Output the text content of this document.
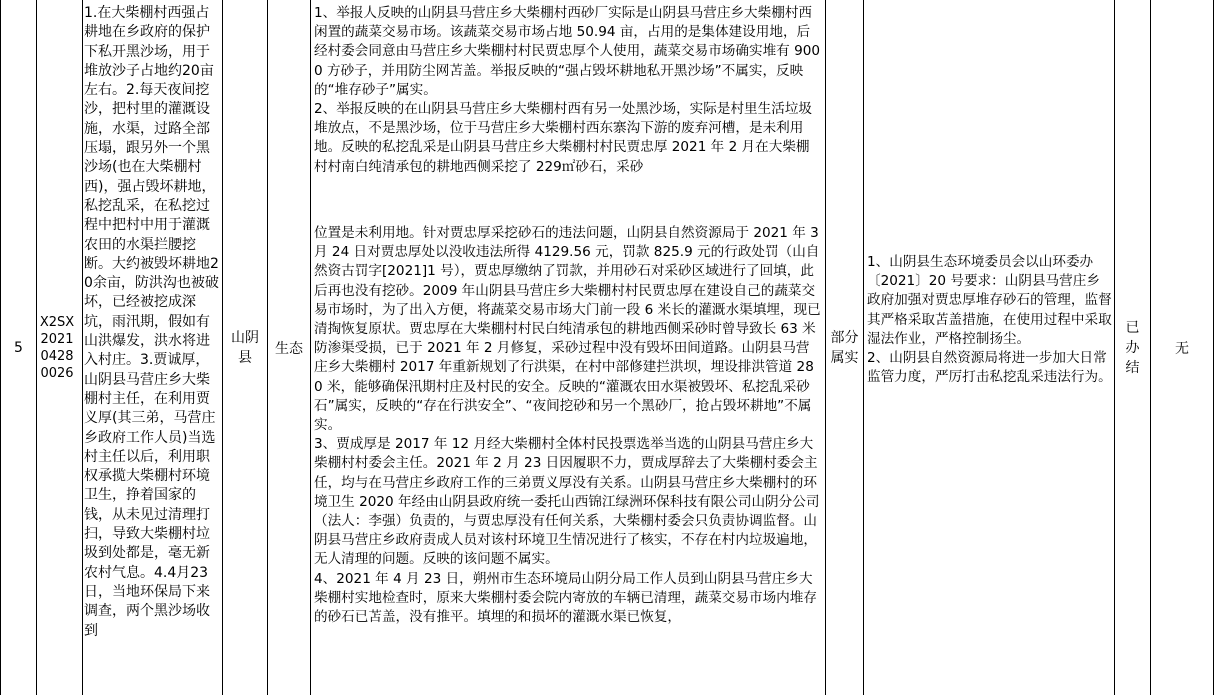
5
X2SX202104280026
1.在大柴棚村西强占耕地在乡政府的保护下私开黑沙场，用于堆放沙子占地约20亩左右。2.每天夜间挖沙，把村里的灌溉设施，水渠，过路全部压塌，跟另外一个黑沙场(也在大柴棚村西)，强占毁坏耕地，私挖乱采，在私挖过程中把村中用于灌溉农田的水渠拦腰挖断。大约被毁坏耕地20余亩，防洪沟也被破坏，已经被挖成深坑，雨汛期，假如有山洪爆发，洪水将进入村庄。3.贾诚厚，山阴县马营庄乡大柴棚村主任，在利用贾义厚(其三弟，马营庄乡政府工作人员)当选村主任以后，利用职权承揽大柴棚村环境卫生，挣着国家的钱，从未见过清理打扫，导致大柴棚村垃圾到处都是，毫无新农村气息。4.4月23日，当地环保局下来调查，两个黑沙场收到
山阴县
生态

1、举报人反映的山阴县马营庄乡大柴棚村西砂厂实际是山阴县马营庄乡大柴棚村西闲置的蔬菜交易市场。该蔬菜交易市场占地 50.94 亩，占用的是集体建设用地，后经村委会同意由马营庄乡大柴棚村村民贾忠厚个人使用，蔬菜交易市场确实堆有 9000 方砂子，并用防尘网苫盖。举报反映的“强占毁坏耕地私开黑沙场”不属实，反映的“堆存砂子”属实。

2、举报反映的在山阴县马营庄乡大柴棚村西有另一处黑沙场，实际是村里生活垃圾堆放点，不是黑沙场，位于马营庄乡大柴棚村西东寨沟下游的废弃河槽，是未利用地。反映的私挖乱采是山阴县马营庄乡大柴棚村村民贾忠厚 2021 年 2 月在大柴棚村村南白纯清承包的耕地西侧采挖了 229㎡砂石，采砂

位置是未利用地。针对贾忠厚采挖砂石的违法问题，山阴县自然资源局于 2021 年 3 月 24 日对贾忠厚处以没收违法所得 4129.56 元，罚款 825.9 元的行政处罚（山自然资古罚字[2021]1 号），贾忠厚缴纳了罚款，并用砂石对采砂区域进行了回填，此后再也没有挖砂。2009 年山阴县马营庄乡大柴棚村村民贾忠厚在建设自己的蔬菜交易市场时，为了出入方便，将蔬菜交易市场大门前一段 6 米长的灌溉水渠填埋，现已清掏恢复原状。贾忠厚在大柴棚村村民白纯清承包的耕地西侧采砂时曾导致长 63 米防渗渠受损，已于 2021 年 2 月修复，采砂过程中没有毁坏田间道路。山阴县马营庄乡大柴棚村 2017 年重新规划了行洪渠，在村中部修建拦洪坝，埋设排洪管道 280 米，能够确保汛期村庄及村民的安全。反映的“灌溉农田水渠被毁坏、私挖乱采砂石”属实，反映的“存在行洪安全”、“夜间挖砂和另一个黑砂厂，抢占毁坏耕地”不属实。

3、贾成厚是 2017 年 12 月经大柴棚村全体村民投票选举当选的山阴县马营庄乡大柴棚村村委会主任。2021 年 2 月 23 日因履职不力，贾成厚辞去了大柴棚村委会主任，均与在马营庄乡政府工作的三弟贾义厚没有关系。山阴县马营庄乡大柴棚村的环境卫生 2020 年经由山阴县政府统一委托山西锦江绿洲环保科技有限公司山阴分公司（法人：李强）负责的，与贾忠厚没有任何关系，大柴棚村委会只负责协调监督。山阴县马营庄乡政府责成人员对该村环境卫生情况进行了核实，不存在村内垃圾遍地，无人清理的问题。反映的该问题不属实。

4、2021 年 4 月 23 日，朔州市生态环境局山阴分局工作人员到山阴县马营庄乡大柴棚村实地检查时，原来大柴棚村委会院内寄放的车辆已清理，蔬菜交易市场内堆存的砂石已苫盖，没有推平。填埋的和损坏的灌溉水渠已恢复，

部分属实

1、山阴县生态环境委员会以山环委办〔2021〕20 号要求：山阴县马营庄乡政府加强对贾忠厚堆存砂石的管理，监督其严格采取苫盖措施，在使用过程中采取湿法作业，严格控制扬尘。

2、山阴县自然资源局将进一步加大日常监管力度，严厉打击私挖乱采违法行为。

已办结
无
